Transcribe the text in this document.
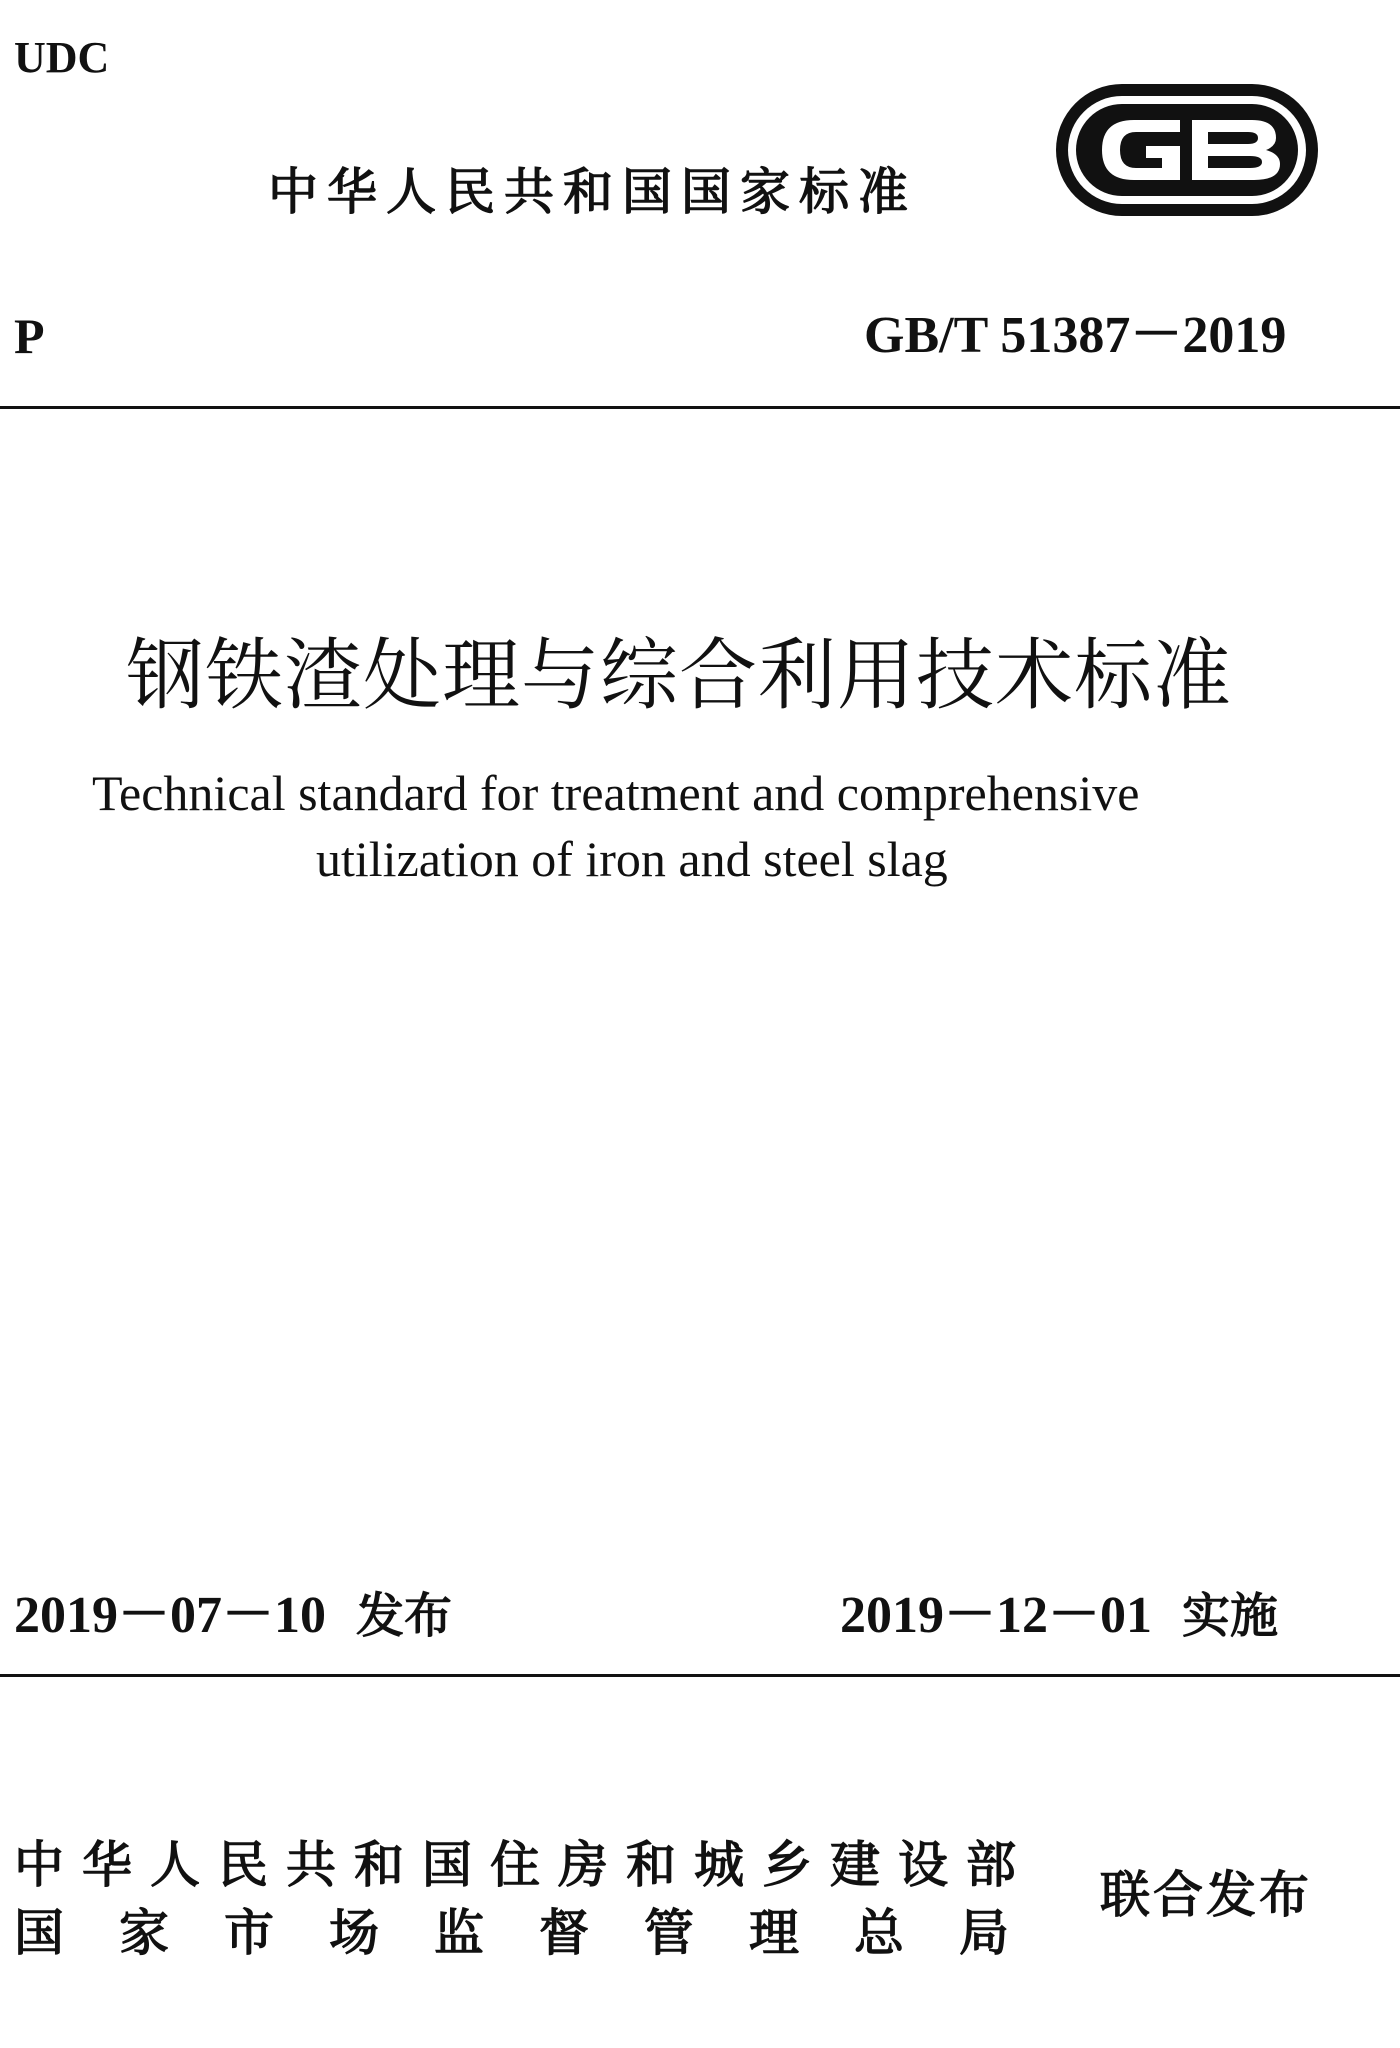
UDC
中华人民共和国国家标准
P	GB/T 51387－2019
钢铁渣处理与综合利用技术标准
Technical standard for treatment and comprehensive
utilization of iron and steel slag
2019－07－10 发布	2019－12－01 实施
中华人民共和国住房和城乡建设部
国家市场监督管理总局
联合发布
